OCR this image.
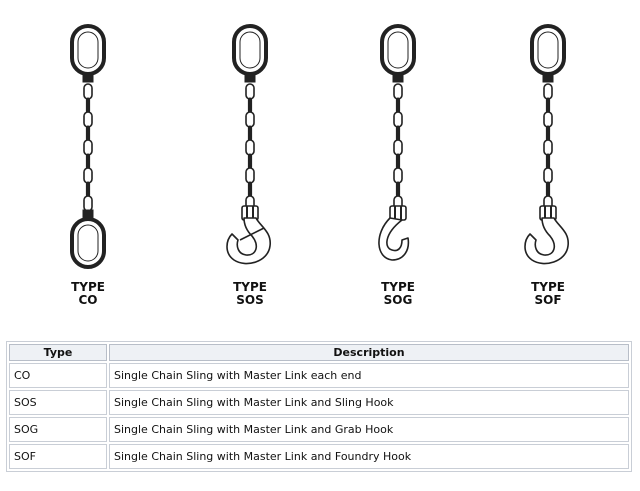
TYPE
CO
TYPE
SOS
TYPE
SOG
TYPE
SOF
Type	Description
CO	Single Chain Sling with Master Link each end
SOS	Single Chain Sling with Master Link and Sling Hook
SOG	Single Chain Sling with Master Link and Grab Hook
SOF	Single Chain Sling with Master Link and Foundry Hook
